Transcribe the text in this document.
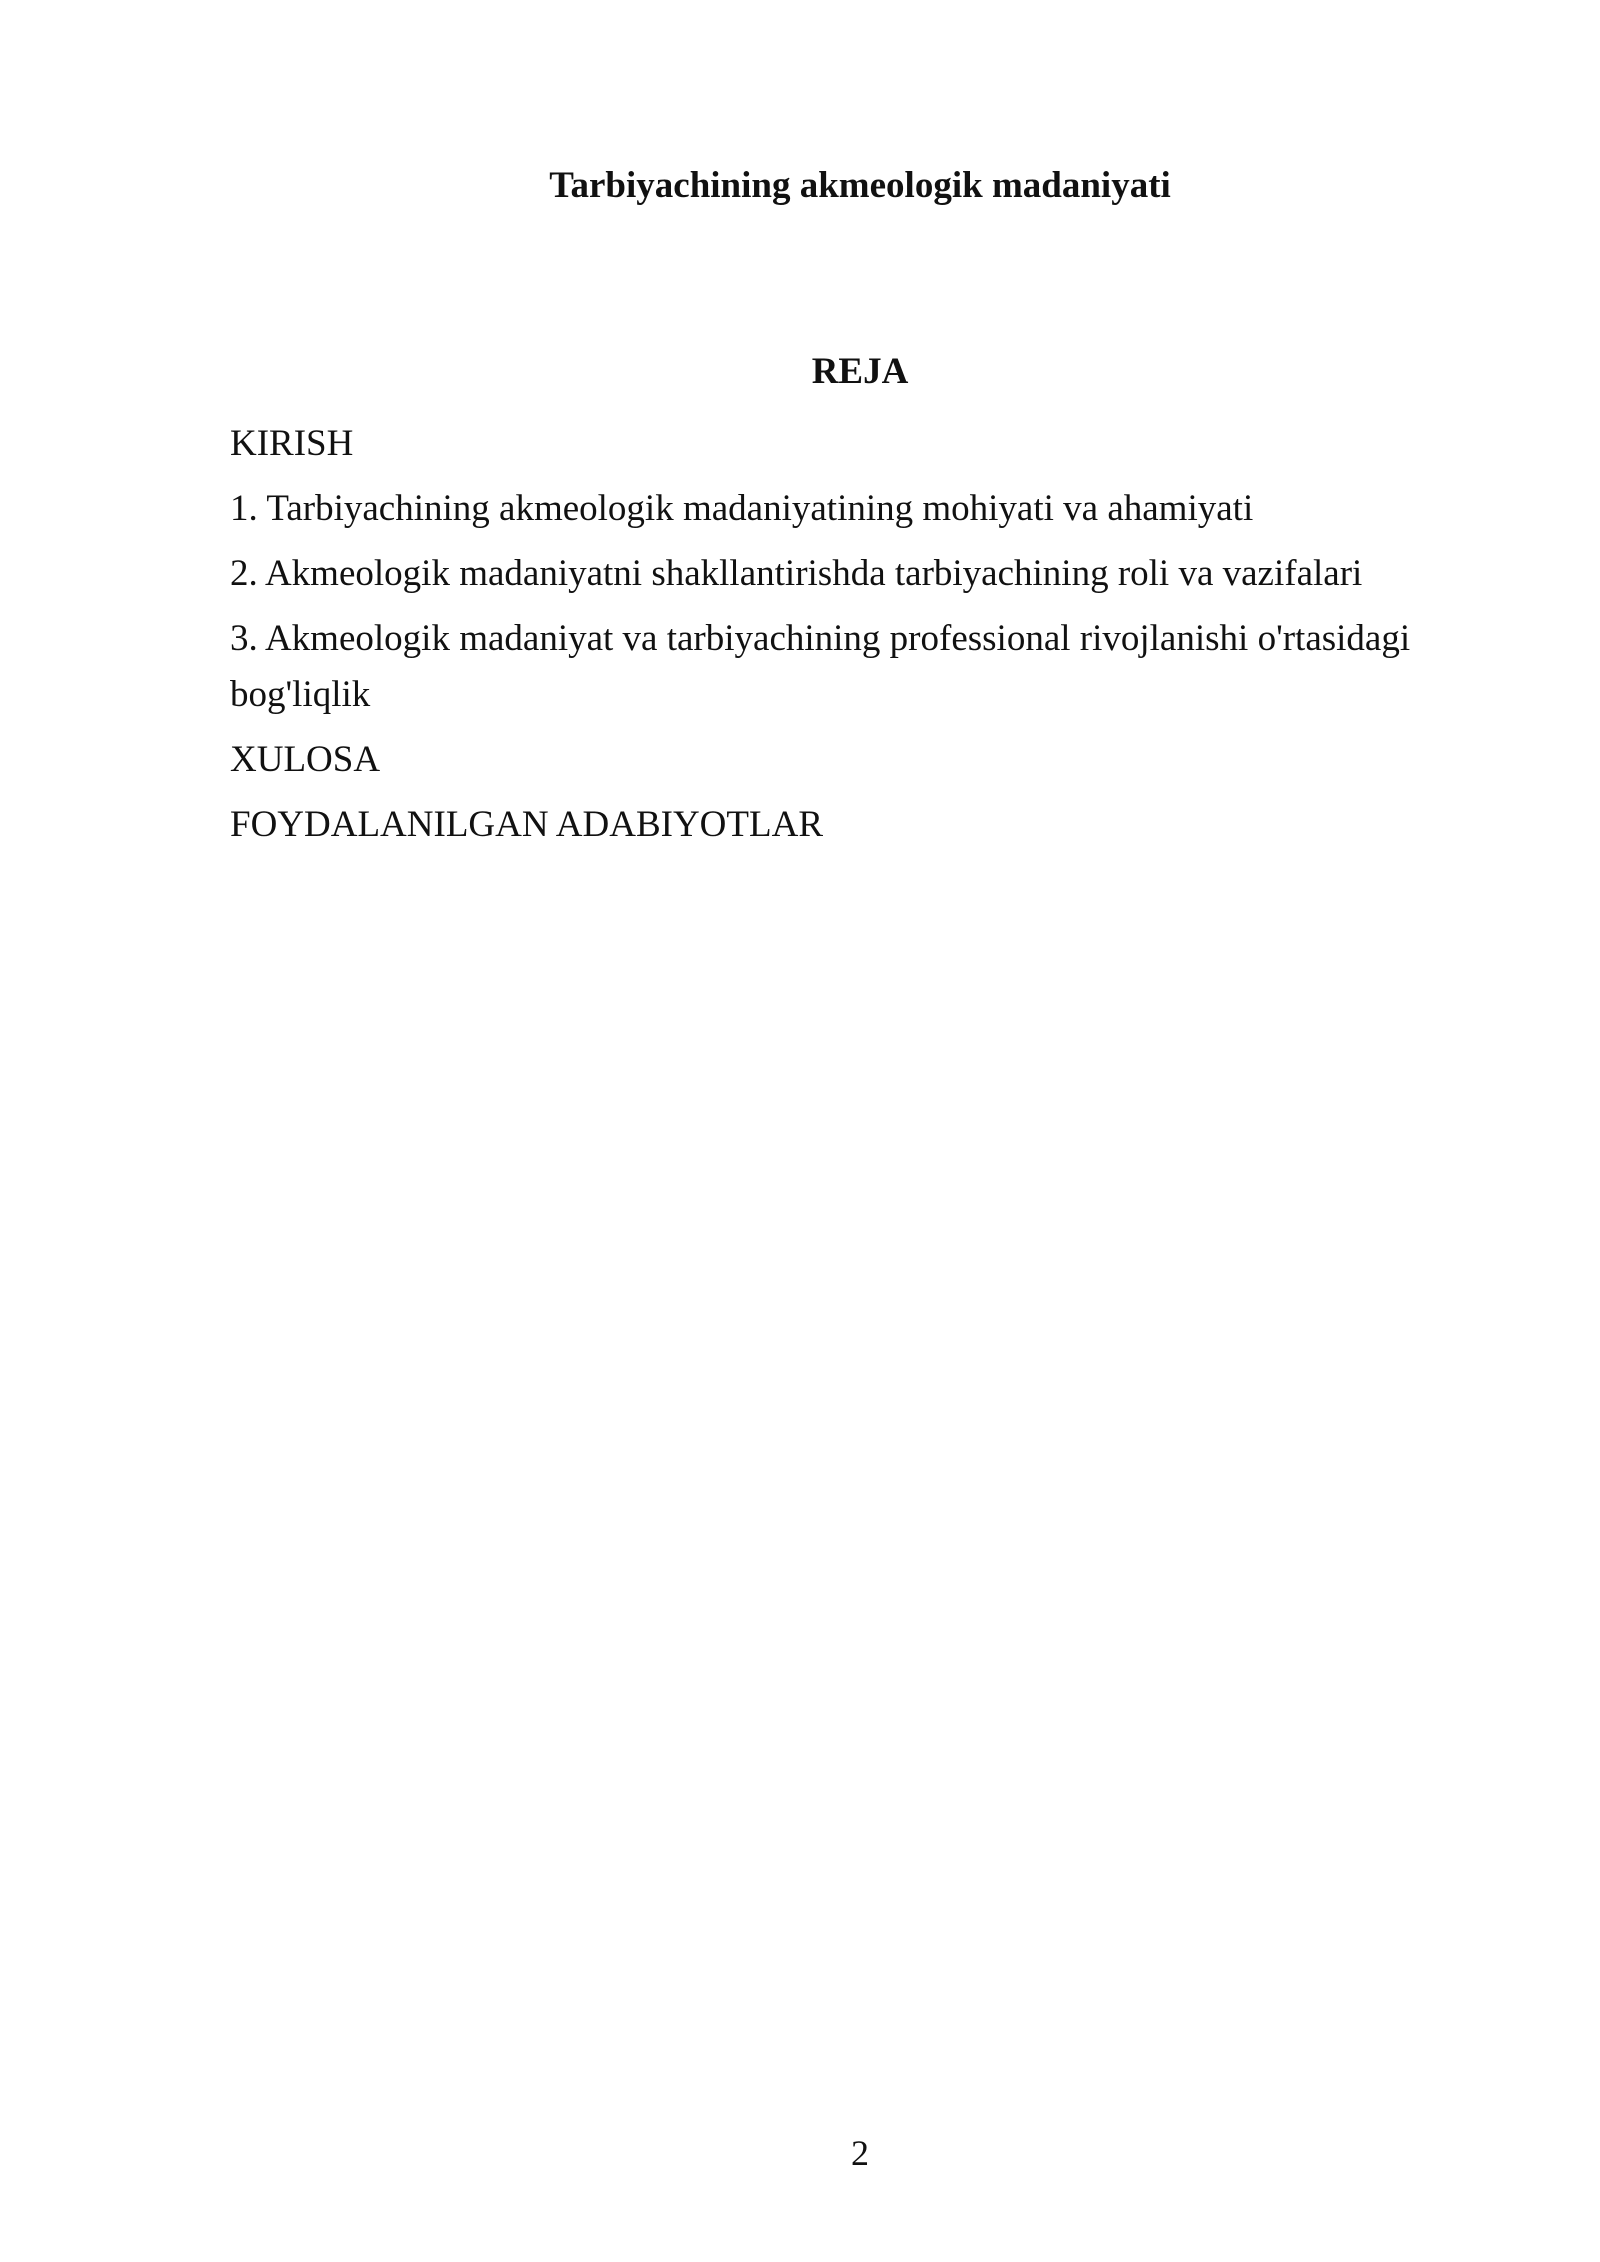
Tarbiyachining akmeologik madaniyati
REJA
KIRISH
1. Tarbiyachining akmeologik madaniyatining mohiyati va ahamiyati
2. Akmeologik madaniyatni shakllantirishda tarbiyachining roli va vazifalari
3. Akmeologik madaniyat va tarbiyachining professional rivojlanishi o'rtasidagi bog'liqlik
XULOSA
FOYDALANILGAN ADABIYOTLAR
2
